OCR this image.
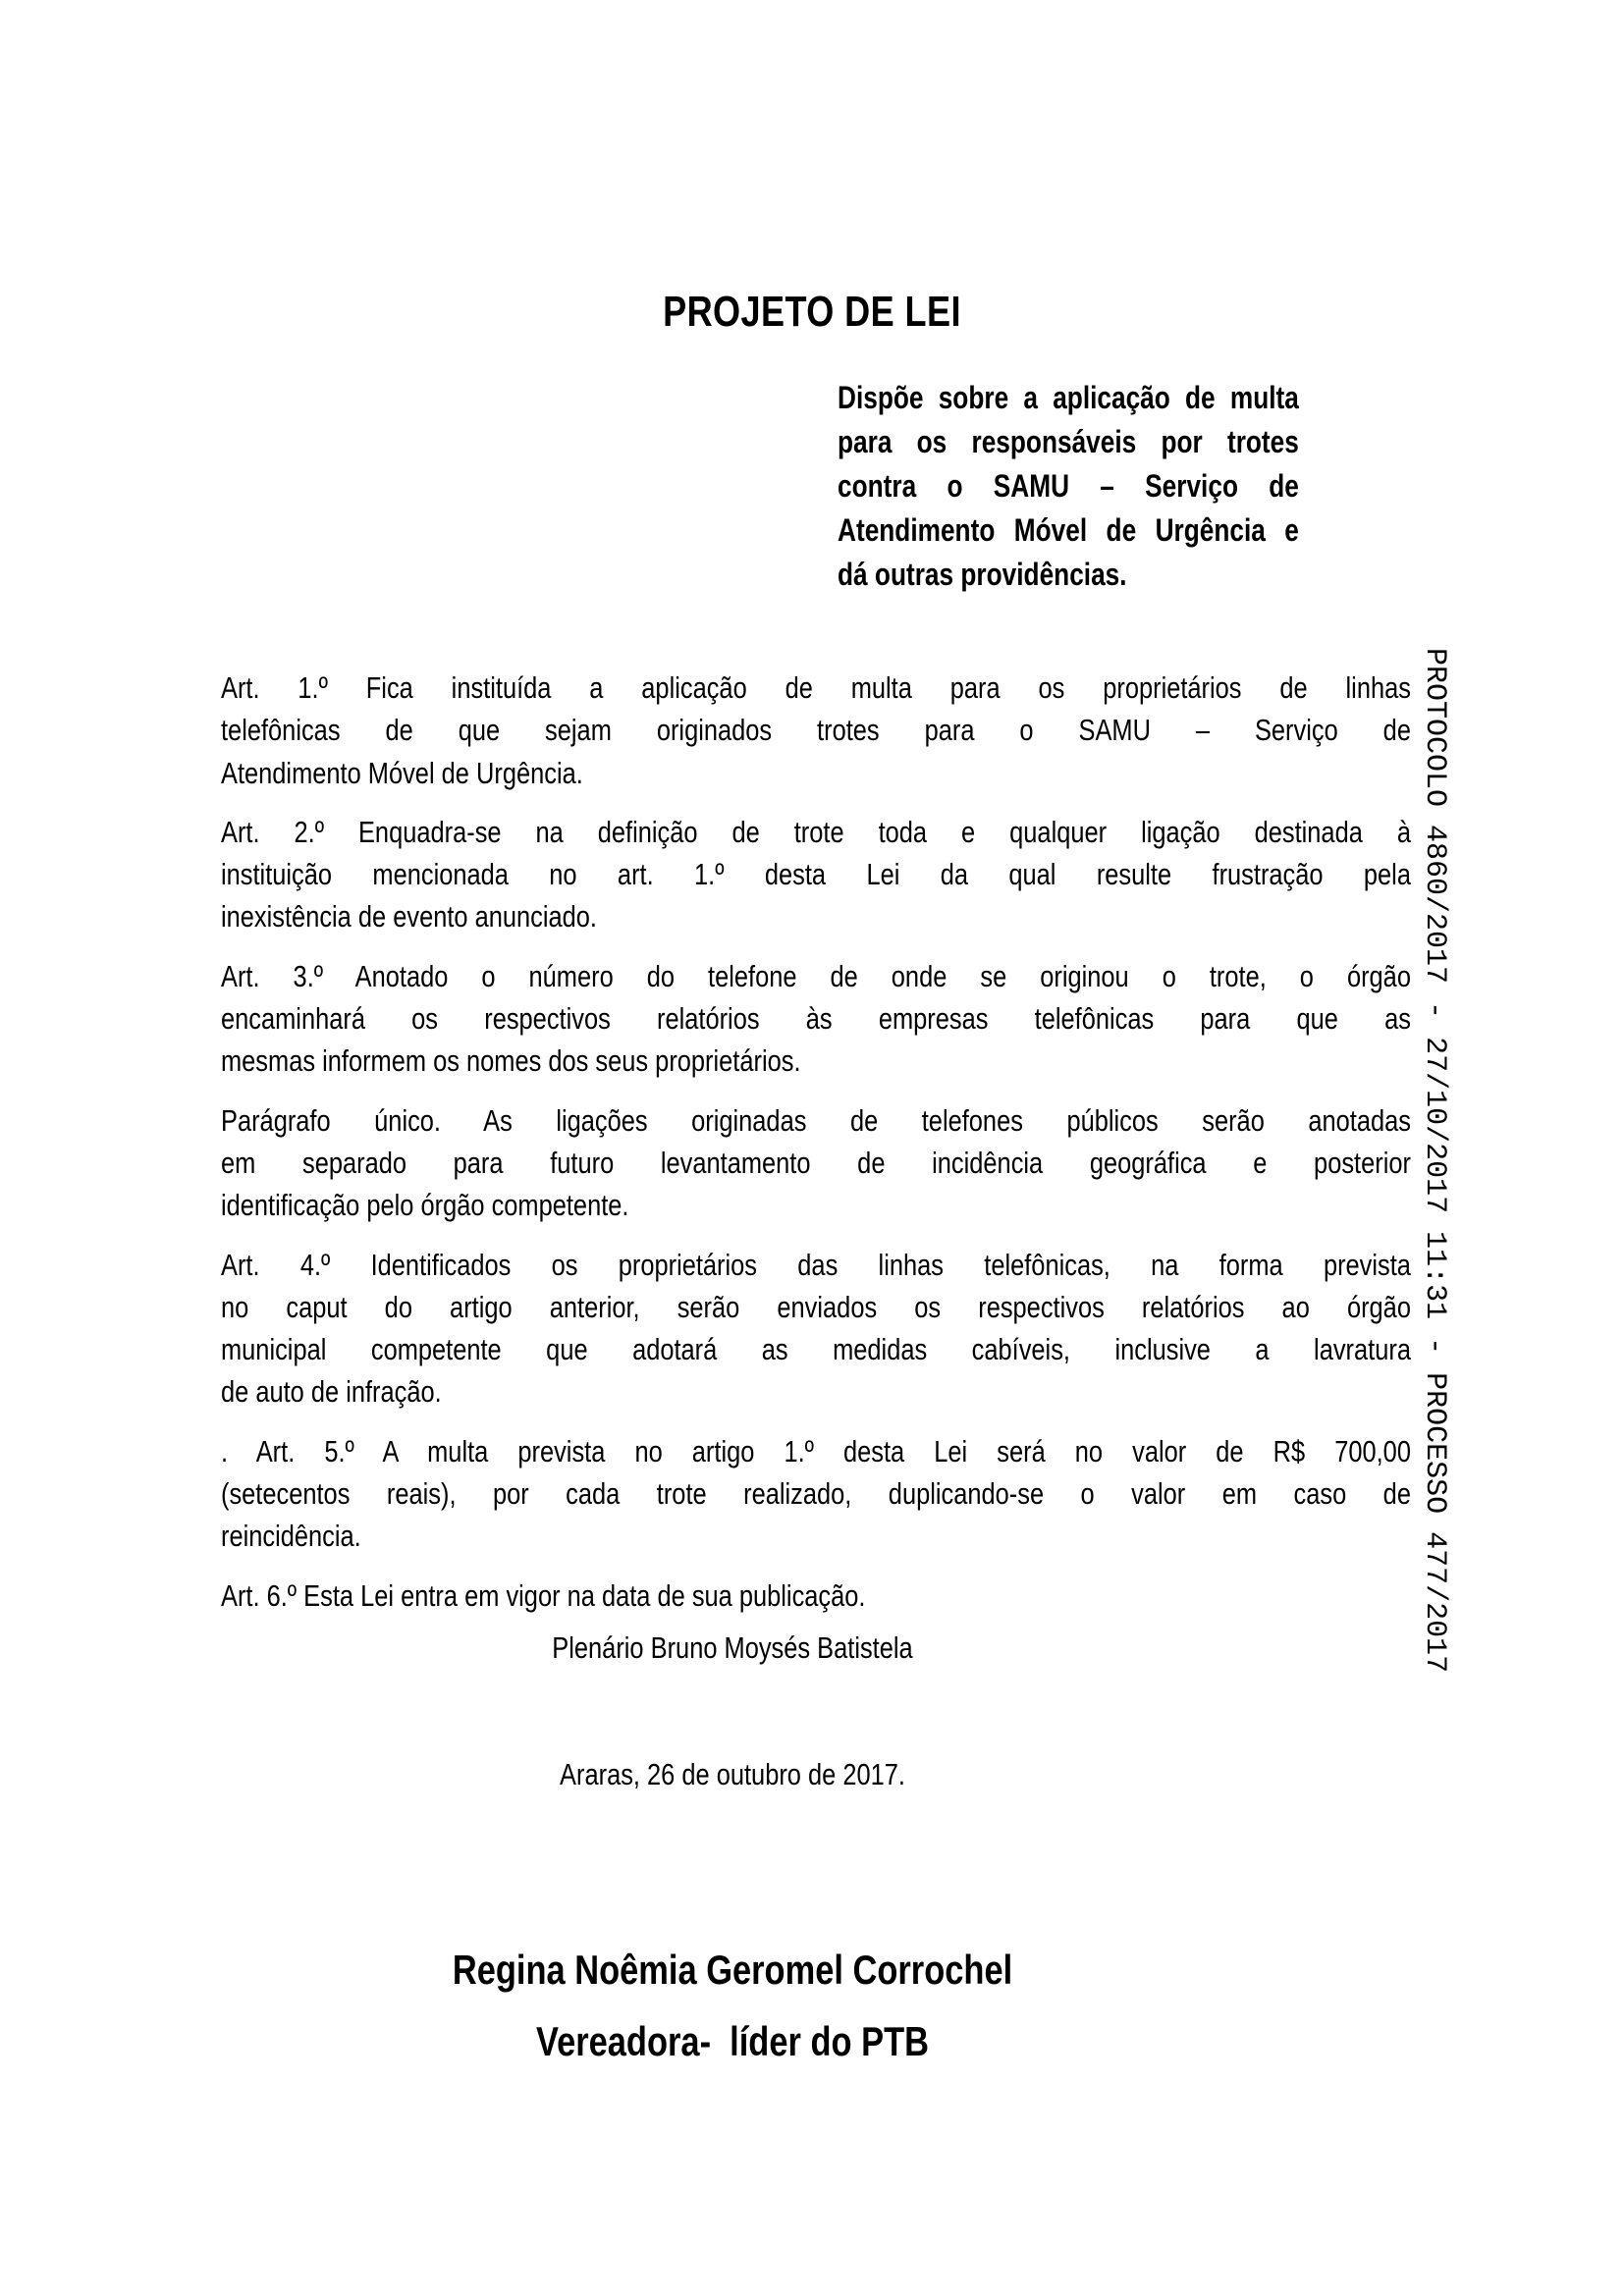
PROJETO DE LEI
Dispõe sobre a aplicação de multa
para os responsáveis por trotes
contra o SAMU – Serviço de
Atendimento Móvel de Urgência e
dá outras providências.
Art. 1.º Fica instituída a aplicação de multa para os proprietários de linhas
telefônicas de que sejam originados trotes para o SAMU – Serviço de
Atendimento Móvel de Urgência.
Art. 2.º Enquadra-se na definição de trote toda e qualquer ligação destinada à
instituição mencionada no art. 1.º desta Lei da qual resulte frustração pela
inexistência de evento anunciado.
Art. 3.º Anotado o número do telefone de onde se originou o trote, o órgão
encaminhará os respectivos relatórios às empresas telefônicas para que as
mesmas informem os nomes dos seus proprietários.
Parágrafo único. As ligações originadas de telefones públicos serão anotadas
em separado para futuro levantamento de incidência geográfica e posterior
identificação pelo órgão competente.
Art. 4.º Identificados os proprietários das linhas telefônicas, na forma prevista
no caput do artigo anterior, serão enviados os respectivos relatórios ao órgão
municipal competente que adotará as medidas cabíveis, inclusive a lavratura
de auto de infração.
. Art. 5.º A multa prevista no artigo 1.º desta Lei será no valor de R$ 700,00
(setecentos reais), por cada trote realizado, duplicando-se o valor em caso de
reincidência.
Art. 6.º Esta Lei entra em vigor na data de sua publicação.
Plenário Bruno Moysés Batistela
Araras, 26 de outubro de 2017.
Regina Noêmia Geromel Corrochel
Vereadora-  líder do PTB
PROTOCOLO 4860/2017 - 27/10/2017 11:31 - PROCESSO 477/2017
